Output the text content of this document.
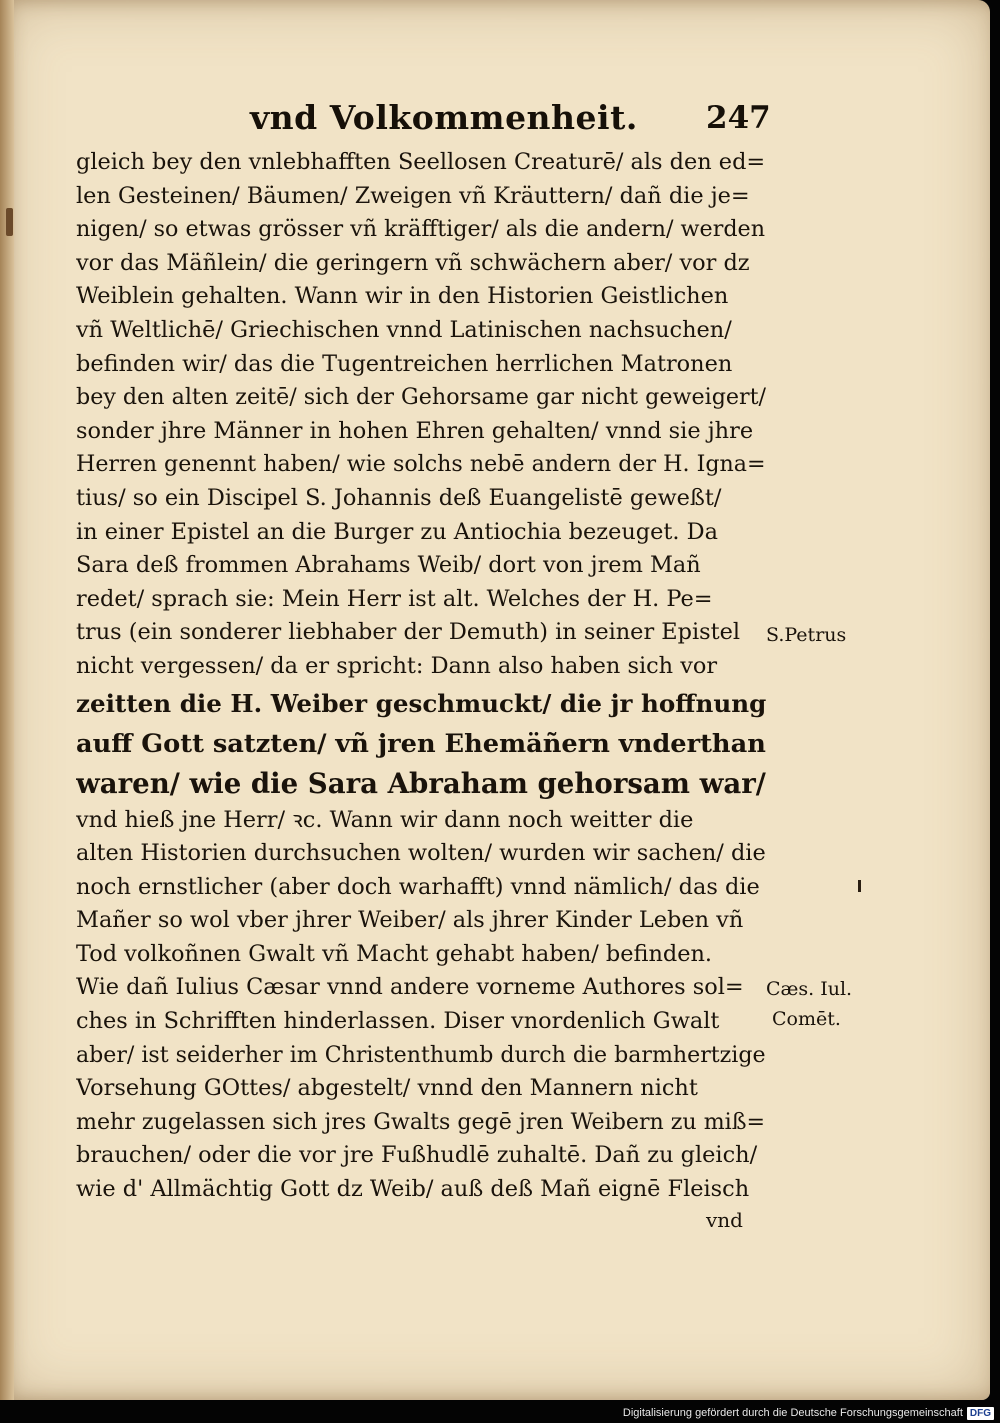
vnd Volkommenheit.	247
gleich bey den vnlebhafften Seellosen Creaturē/ als den ed=
len Gesteinen/ Bäumen/ Zweigen vñ Kräuttern/ dañ die je=
nigen/ so etwas grösser vñ kräfftiger/ als die andern/ werden
vor das Mäñlein/ die geringern vñ schwächern aber/ vor dz
Weiblein gehalten. Wann wir in den Historien Geistlichen
vñ Weltlichē/ Griechischen vnnd Latinischen nachsuchen/
befinden wir/ das die Tugentreichen herrlichen Matronen
bey den alten zeitē/ sich der Gehorsame gar nicht geweigert/
sonder jhre Männer in hohen Ehren gehalten/ vnnd sie jhre
Herren genennt haben/ wie solchs nebē andern der H. Igna=
tius/ so ein Discipel S. Johannis deß Euangelistē geweßt/
in einer Epistel an die Burger zu Antiochia bezeuget. Da
Sara deß frommen Abrahams Weib/ dort von jrem Mañ
redet/ sprach sie: Mein Herr ist alt. Welches der H. Pe=
trus (ein sonderer liebhaber der Demuth) in seiner Epistel
nicht vergessen/ da er spricht: Dann also haben sich vor
zeitten die H. Weiber geschmuckt/ die jr hoffnung
auff Gott satzten/ vñ jren Ehemäñern vnderthan
waren/ wie die Sara Abraham gehorsam war/
vnd hieß jne Herr/ ꝛc. Wann wir dann noch weitter die
alten Historien durchsuchen wolten/ wurden wir sachen/ die
noch ernstlicher (aber doch warhafft) vnnd nämlich/ das die
Mañer so wol vber jhrer Weiber/ als jhrer Kinder Leben vñ
Tod volkoñnen Gwalt vñ Macht gehabt haben/ befinden.
Wie dañ Iulius Cæsar vnnd andere vorneme Authores sol=
ches in Schrifften hinderlassen. Diser vnordenlich Gwalt
aber/ ist seiderher im Christenthumb durch die barmhertzige
Vorsehung GOttes/ abgestelt/ vnnd den Mannern nicht
mehr zugelassen sich jres Gwalts gegē jren Weibern zu miß=
brauchen/ oder die vor jre Fußhudlē zuhaltē. Dañ zu gleich/
wie d' Allmächtig Gott dz Weib/ auß deß Mañ eignē Fleisch
S.Petrus
Cæs. Iul.
Comēt.
vnd
Digitalisierung gefördert durch die Deutsche Forschungsgemeinschaft DFG
